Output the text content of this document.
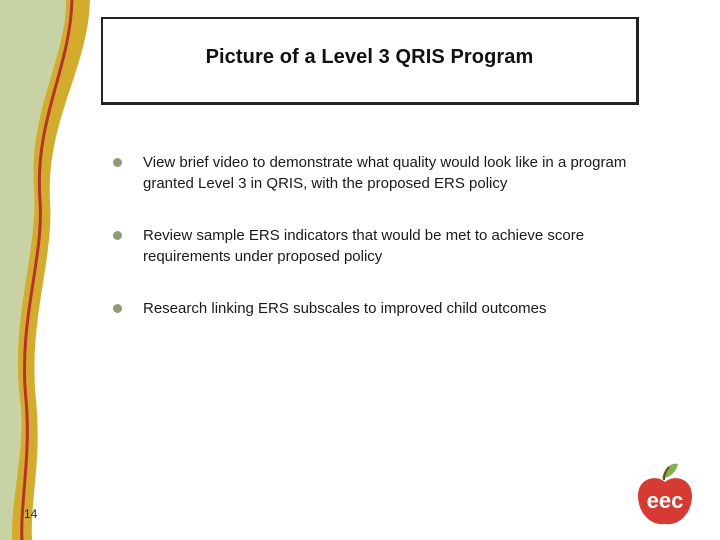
Picture of a Level 3 QRIS Program
View brief video to demonstrate what quality would look like in a program granted Level 3 in QRIS, with the proposed ERS policy
Review sample ERS indicators that would be met to achieve score requirements under proposed policy
Research linking ERS subscales to improved child outcomes
14
eec
